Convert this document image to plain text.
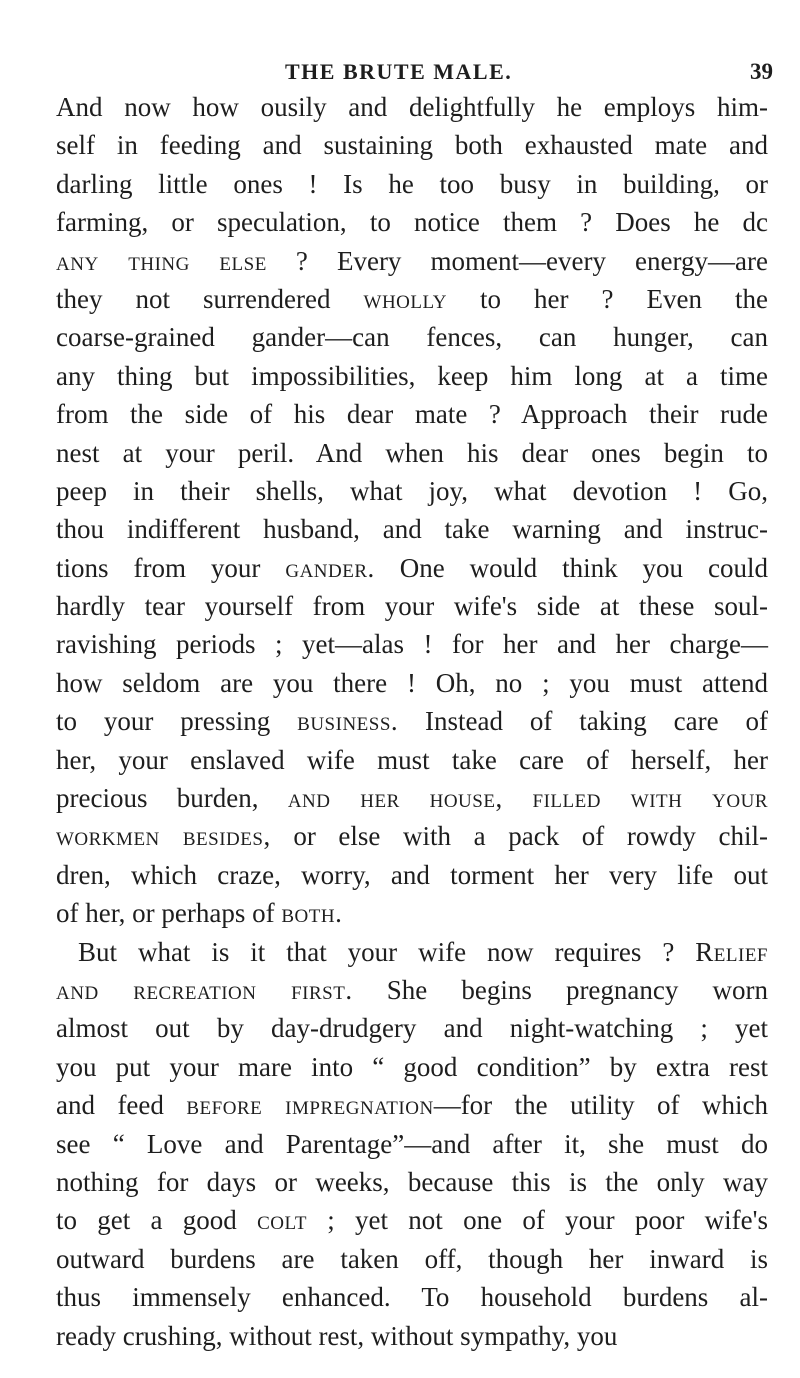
THE BRUTE MALE.	39
And now how ousily and delightfully he employs him-
self in feeding and sustaining both exhausted mate and
darling little ones ! Is he too busy in building, or
farming, or speculation, to notice them ? Does he dc
any thing else ? Every moment—every energy—are
they not surrendered wholly to her ? Even the
coarse-grained gander—can fences, can hunger, can
any thing but impossibilities, keep him long at a time
from the side of his dear mate ? Approach their rude
nest at your peril. And when his dear ones begin to
peep in their shells, what joy, what devotion ! Go,
thou indifferent husband, and take warning and instruc-
tions from your gander. One would think you could
hardly tear yourself from your wife's side at these soul-
ravishing periods ; yet—alas ! for her and her charge—
how seldom are you there ! Oh, no ; you must attend
to your pressing business. Instead of taking care of
her, your enslaved wife must take care of herself, her
precious burden, and her house, filled with your
workmen besides, or else with a pack of rowdy chil-
dren, which craze, worry, and torment her very life out
of her, or perhaps of both.
But what is it that your wife now requires ? Relief
and recreation first. She begins pregnancy worn
almost out by day-drudgery and night-watching ; yet
you put your mare into “ good condition” by extra rest
and feed before impregnation—for the utility of which
see “ Love and Parentage”—and after it, she must do
nothing for days or weeks, because this is the only way
to get a good colt ; yet not one of your poor wife's
outward burdens are taken off, though her inward is
thus immensely enhanced. To household burdens al-
ready crushing, without rest, without sympathy, you
